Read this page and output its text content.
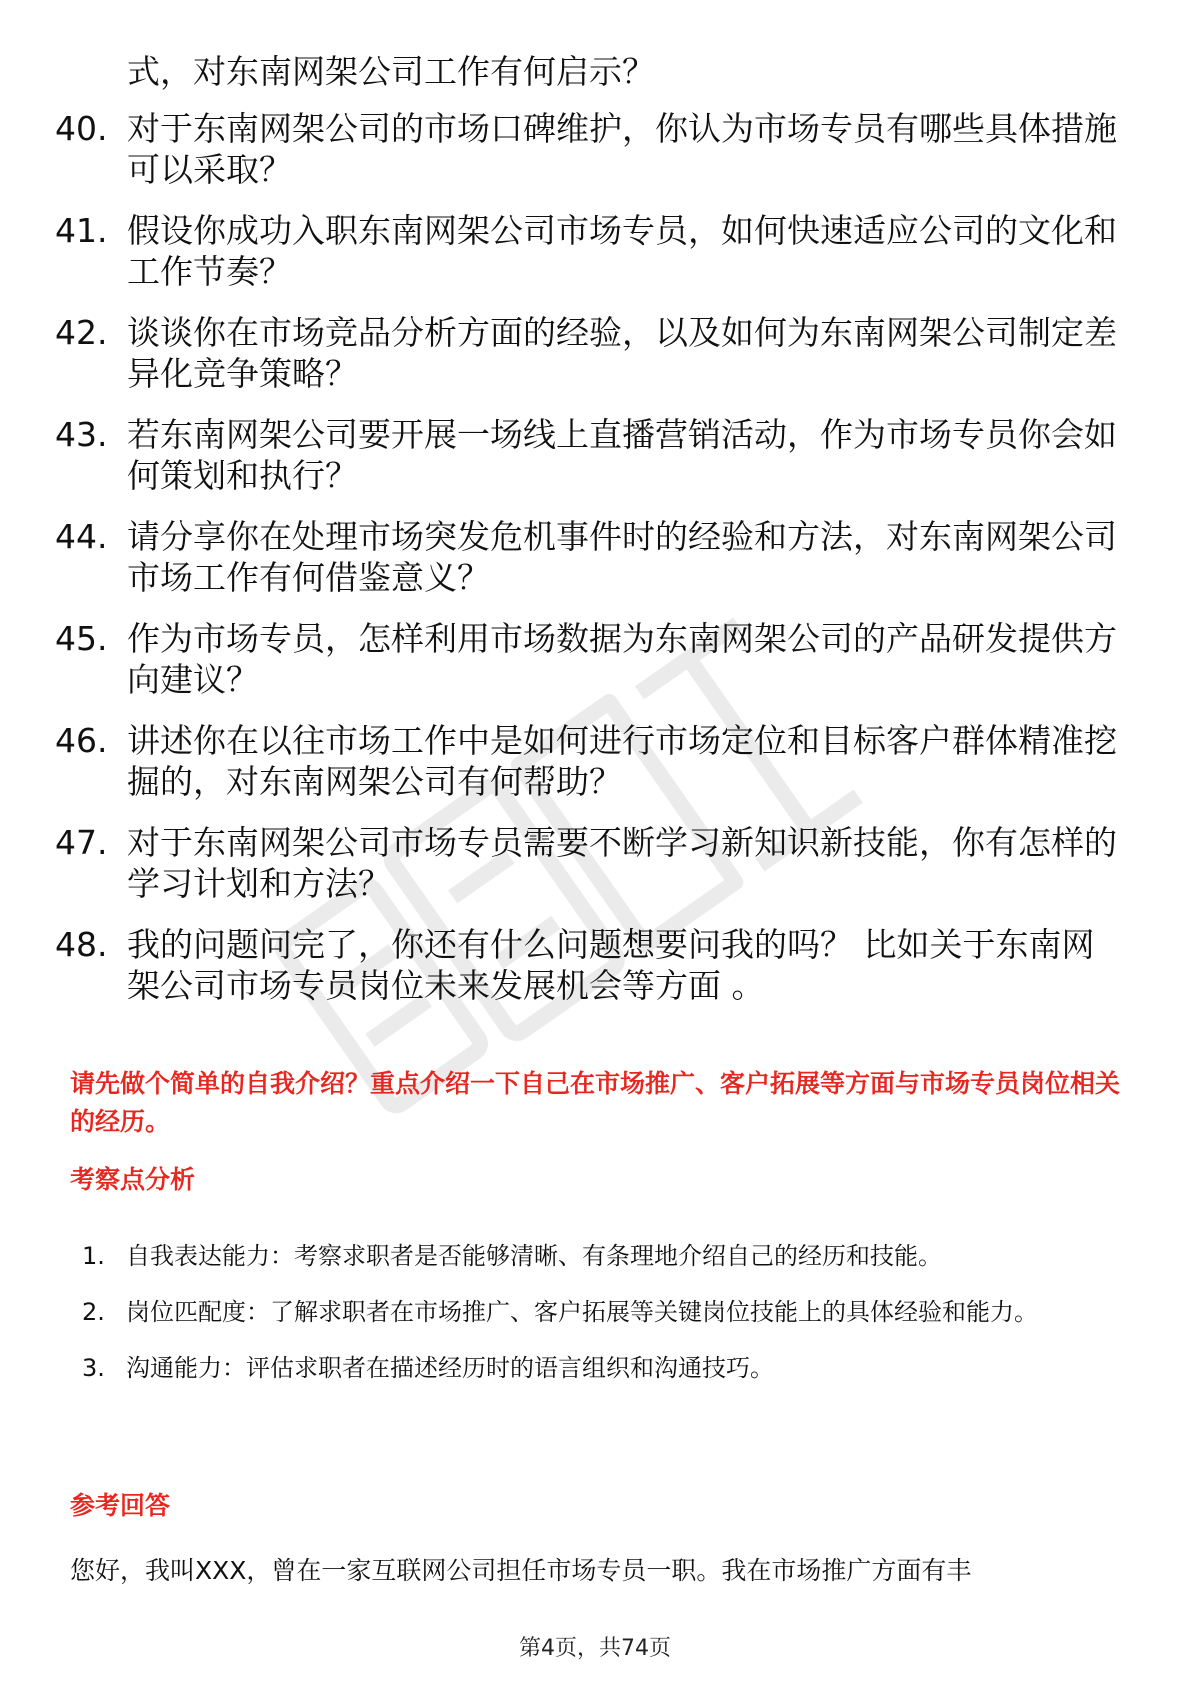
式，对东南网架公司工作有何启示？
40. 对于东南网架公司的市场口碑维护，你认为市场专员有哪些具体措施可以采取？
41. 假设你成功入职东南网架公司市场专员，如何快速适应公司的文化和工作节奏？
42. 谈谈你在市场竞品分析方面的经验，以及如何为东南网架公司制定差异化竞争策略？
43. 若东南网架公司要开展一场线上直播营销活动，作为市场专员你会如何策划和执行？
44. 请分享你在处理市场突发危机事件时的经验和方法，对东南网架公司市场工作有何借鉴意义？
45. 作为市场专员，怎样利用市场数据为东南网架公司的产品研发提供方向建议？
46. 讲述你在以往市场工作中是如何进行市场定位和目标客户群体精准挖掘的，对东南网架公司有何帮助？
47. 对于东南网架公司市场专员需要不断学习新知识新技能，你有怎样的学习计划和方法？
48. 我的问题问完了，你还有什么问题想要问我的吗？ 比如关于东南网架公司市场专员岗位未来发展机会等方面 。
请先做个简单的自我介绍？重点介绍一下自己在市场推广、客户拓展等方面与市场专员岗位相关的经历。
考察点分析
1. 自我表达能力：考察求职者是否能够清晰、有条理地介绍自己的经历和技能。
2. 岗位匹配度：了解求职者在市场推广、客户拓展等关键岗位技能上的具体经验和能力。
3. 沟通能力：评估求职者在描述经历时的语言组织和沟通技巧。
参考回答
您好，我叫XXX，曾在一家互联网公司担任市场专员一职。我在市场推广方面有丰
第4页，共74页
